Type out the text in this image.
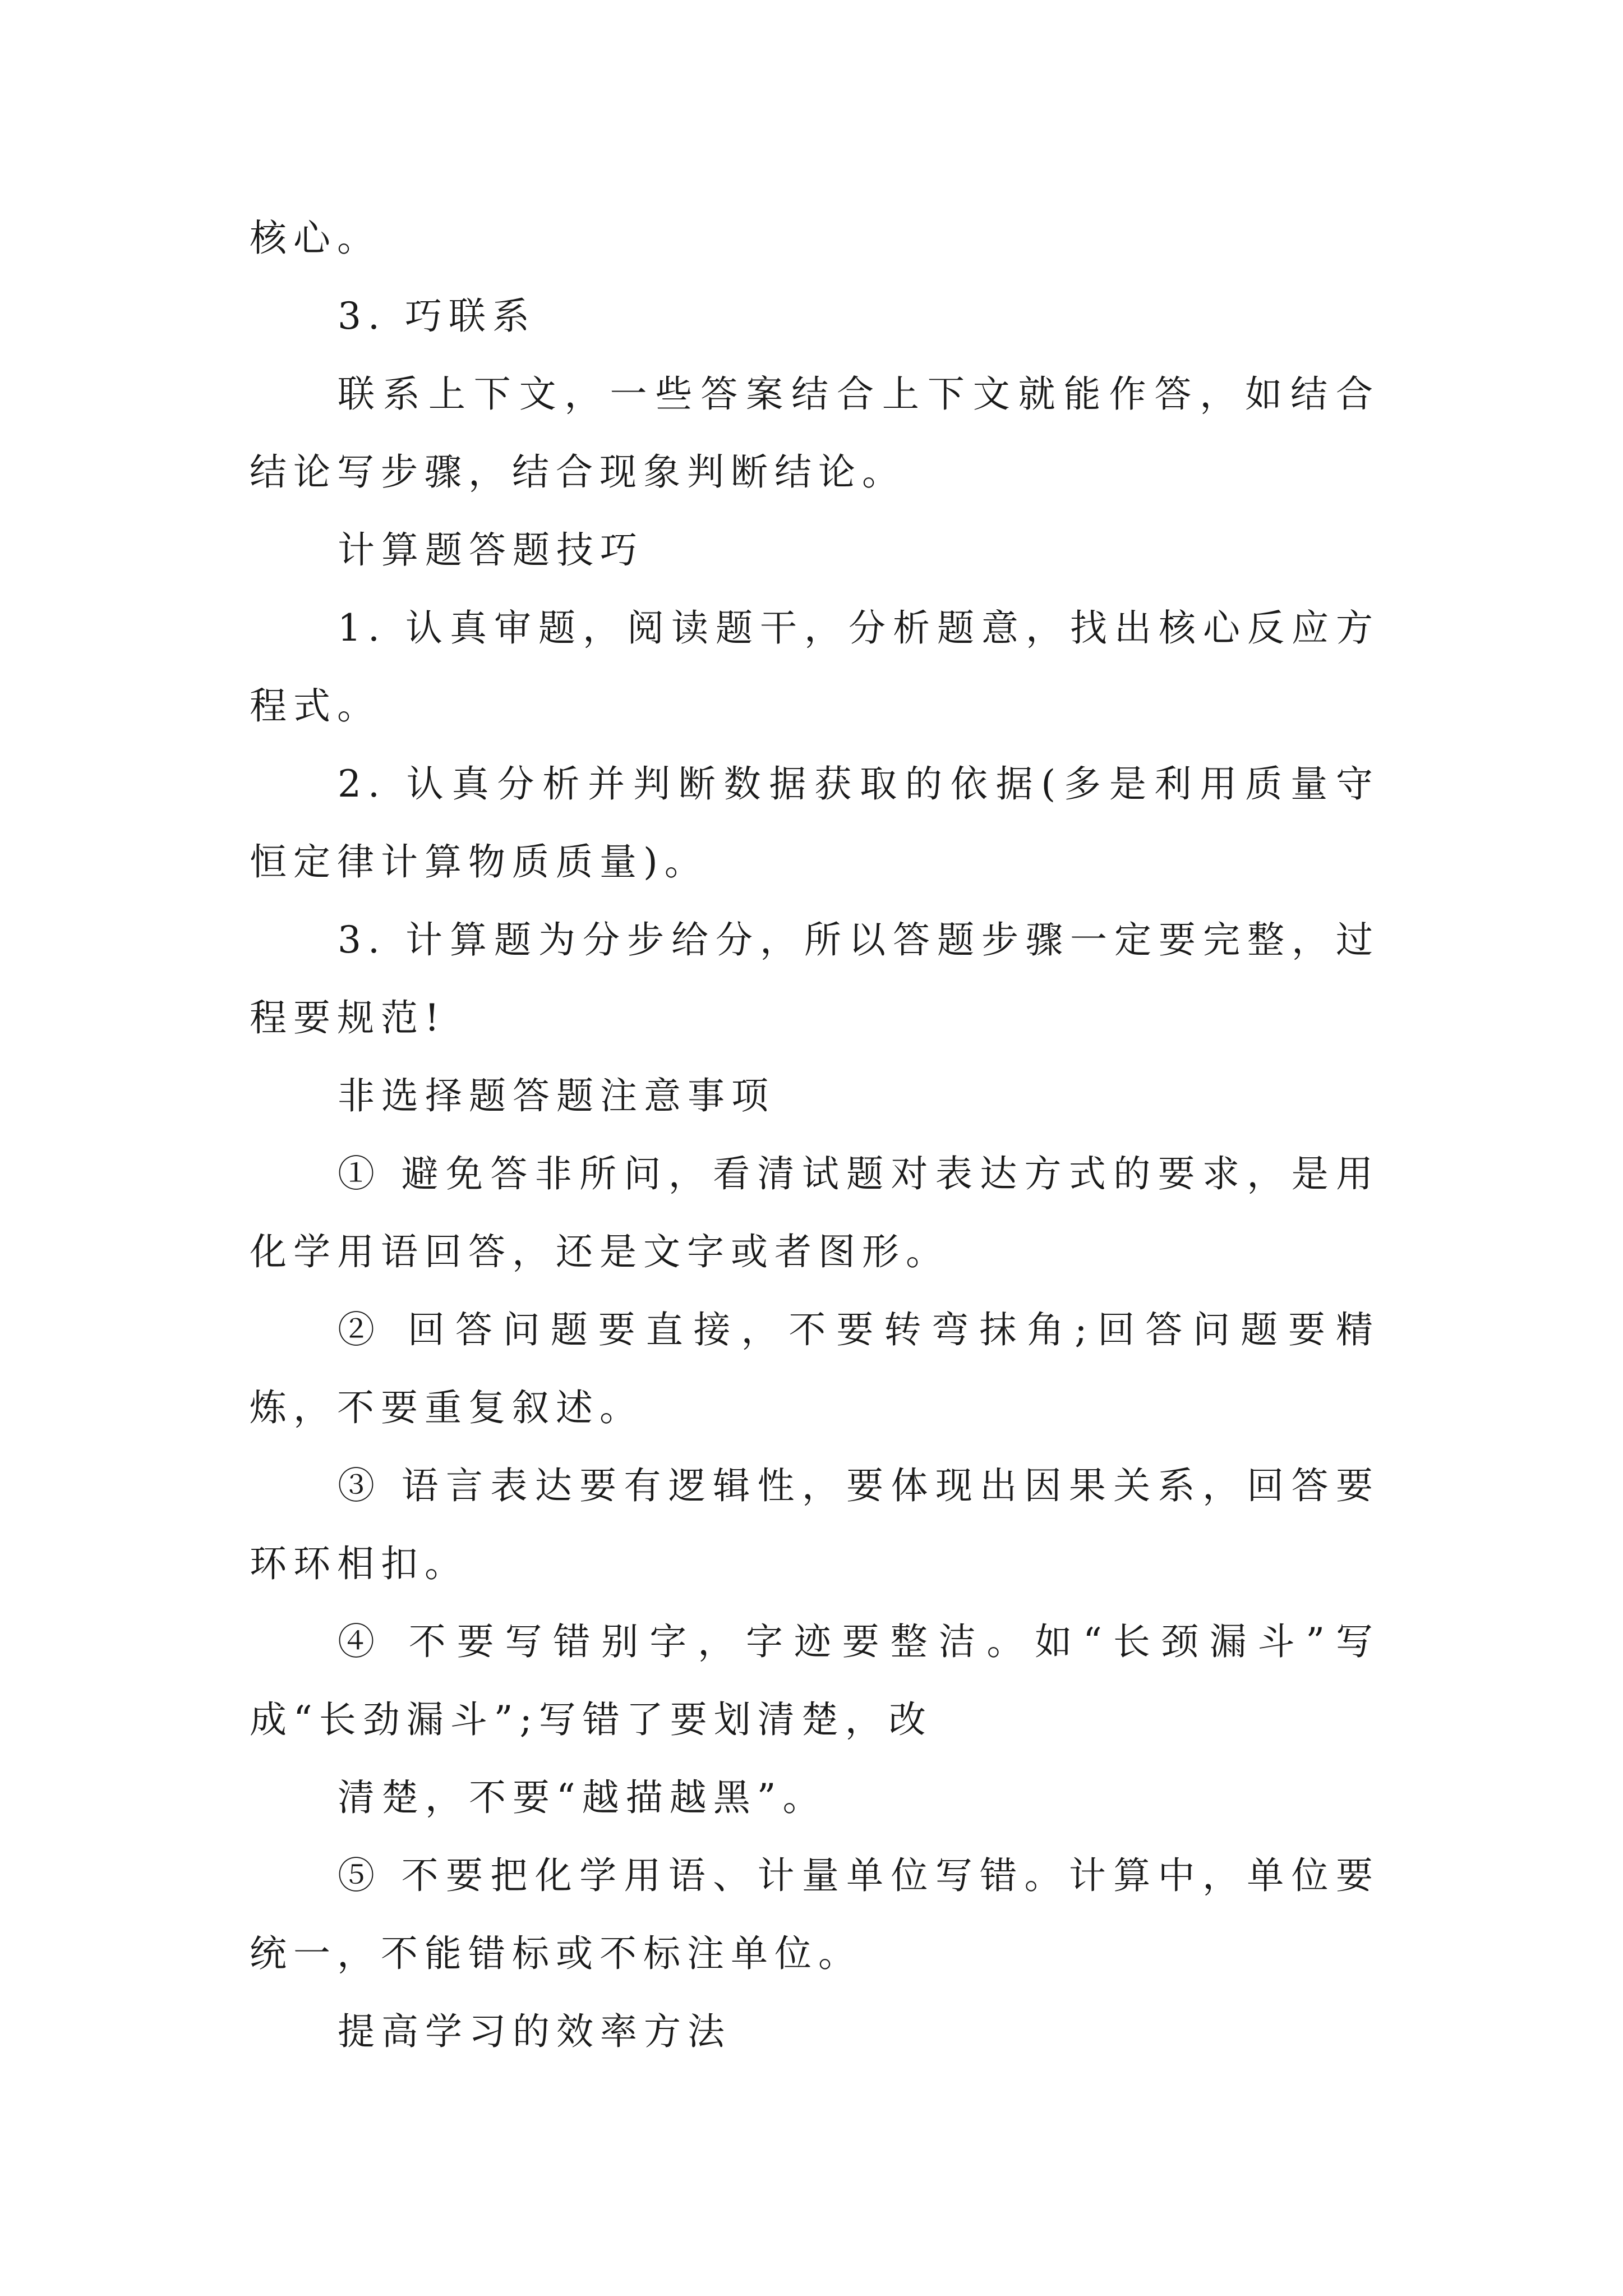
核心。

3. 巧联系

联系上下文，一些答案结合上下文就能作答，如结合结论写步骤，结合现象判断结论。

计算题答题技巧

1. 认真审题，阅读题干，分析题意，找出核心反应方程式。

2. 认真分析并判断数据获取的依据(多是利用质量守恒定律计算物质质量)。

3. 计算题为分步给分，所以答题步骤一定要完整，过程要规范!

非选择题答题注意事项

① 避免答非所问，看清试题对表达方式的要求，是用化学用语回答，还是文字或者图形。

② 回答问题要直接，不要转弯抹角;回答问题要精炼，不要重复叙述。

③ 语言表达要有逻辑性，要体现出因果关系，回答要环环相扣。

④ 不要写错别字，字迹要整洁。如“长颈漏斗”写成“长劲漏斗”;写错了要划清楚，改

清楚，不要“越描越黑”。

⑤ 不要把化学用语、计量单位写错。计算中，单位要统一，不能错标或不标注单位。

提高学习的效率方法
